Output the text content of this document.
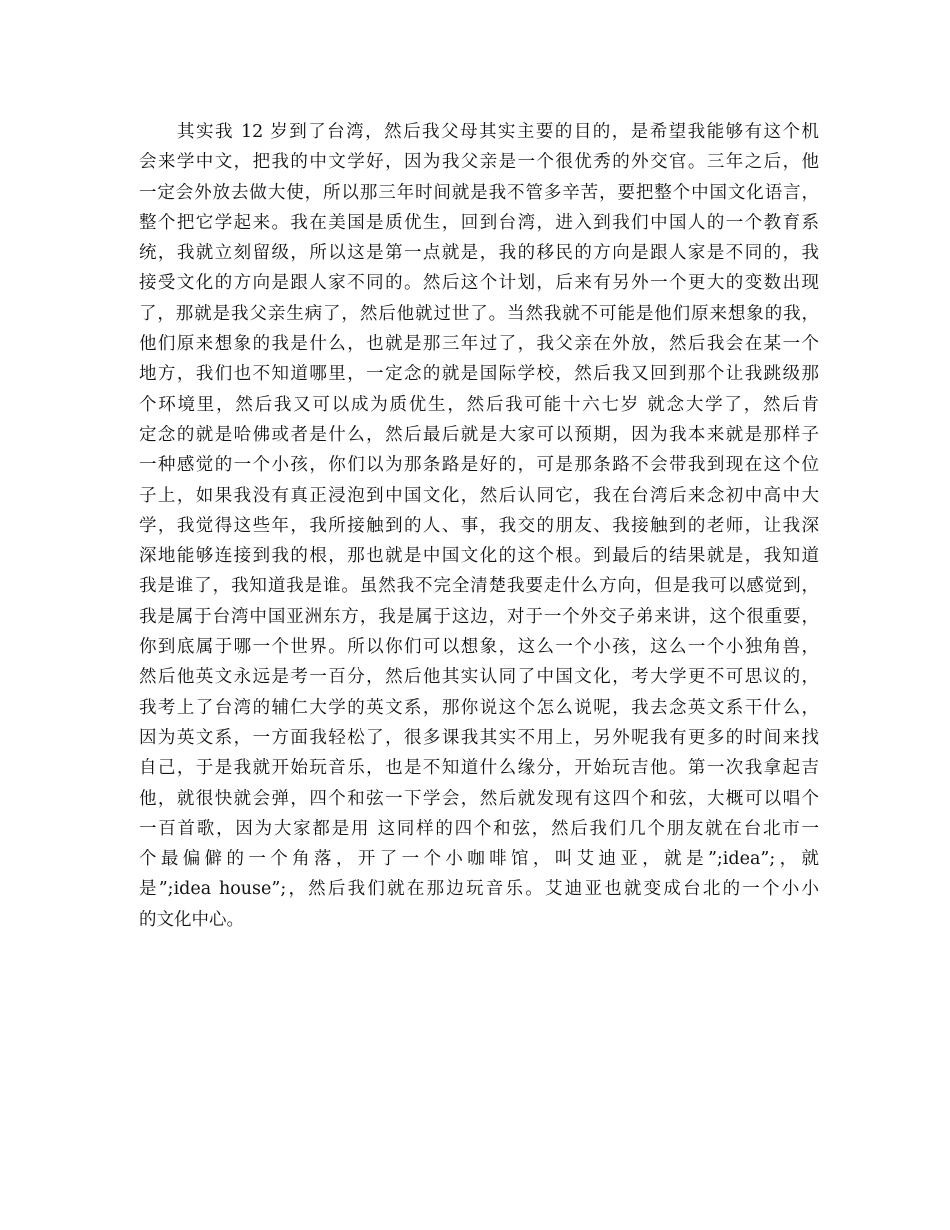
其实我 12 岁到了台湾，然后我父母其实主要的目的，是希望我能够有这个机
会来学中文，把我的中文学好，因为我父亲是一个很优秀的外交官。三年之后，他
一定会外放去做大使，所以那三年时间就是我不管多辛苦，要把整个中国文化语言，
整个把它学起来。我在美国是质优生，回到台湾，进入到我们中国人的一个教育系
统，我就立刻留级，所以这是第一点就是，我的移民的方向是跟人家是不同的，我
接受文化的方向是跟人家不同的。然后这个计划，后来有另外一个更大的变数出现
了，那就是我父亲生病了，然后他就过世了。当然我就不可能是他们原来想象的我，
他们原来想象的我是什么，也就是那三年过了，我父亲在外放，然后我会在某一个
地方，我们也不知道哪里，一定念的就是国际学校，然后我又回到那个让我跳级那
个环境里，然后我又可以成为质优生，然后我可能十六七岁 就念大学了，然后肯
定念的就是哈佛或者是什么，然后最后就是大家可以预期，因为我本来就是那样子
一种感觉的一个小孩，你们以为那条路是好的，可是那条路不会带我到现在这个位
子上，如果我没有真正浸泡到中国文化，然后认同它，我在台湾后来念初中高中大
学，我觉得这些年，我所接触到的人、事，我交的朋友、我接触到的老师，让我深
深地能够连接到我的根，那也就是中国文化的这个根。到最后的结果就是，我知道
我是谁了，我知道我是谁。虽然我不完全清楚我要走什么方向，但是我可以感觉到，
我是属于台湾中国亚洲东方，我是属于这边，对于一个外交子弟来讲，这个很重要，
你到底属于哪一个世界。所以你们可以想象，这么一个小孩，这么一个小独角兽，
然后他英文永远是考一百分，然后他其实认同了中国文化，考大学更不可思议的，
我考上了台湾的辅仁大学的英文系，那你说这个怎么说呢，我去念英文系干什么，
因为英文系，一方面我轻松了，很多课我其实不用上，另外呢我有更多的时间来找
自己，于是我就开始玩音乐，也是不知道什么缘分，开始玩吉他。第一次我拿起吉
他，就很快就会弹，四个和弦一下学会，然后就发现有这四个和弦，大概可以唱个
一百首歌，因为大家都是用 这同样的四个和弦，然后我们几个朋友就在台北市一
个最偏僻的一个角落，开了一个小咖啡馆，叫艾迪亚，就是”;idea”;，就
是”;idea house”;，然后我们就在那边玩音乐。艾迪亚也就变成台北的一个小小
的文化中心。
